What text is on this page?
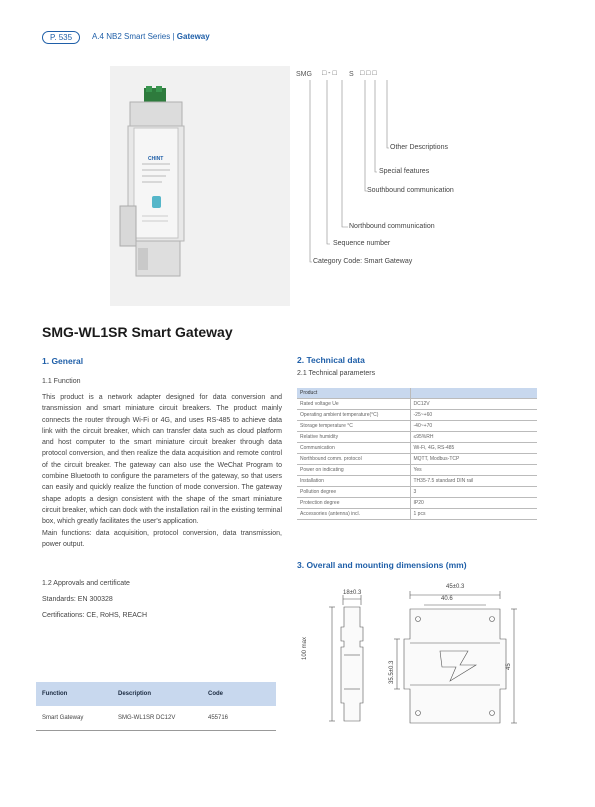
P. 535	A.4 NB2 Smart Series | Gateway
CHINT
SMG □ - □ S □ □ □
Other Descriptions
Special features
Southbound communication
Northbound communication
Sequence number
Category Code: Smart Gateway
SMG-WL1SR Smart Gateway
1. General
1.1 Function

This product is a network adapter designed for data conversion and transmission and smart miniature circuit breakers. The product mainly connects the router through Wi-Fi or 4G, and uses RS-485 to achieve data link with the circuit breaker, which can transfer data such as cloud platform and host computer to the smart miniature circuit breaker through data protocol conversion, and then realize the data acquisition and remote control of the circuit breaker. The gateway can also use the WeChat Program to combine Bluetooth to configure the parameters of the gateway, so that users can easily and quickly realize the function of mode conversion. The gateway shape adopts a design consistent with the shape of the smart miniature circuit breaker, which can dock with the installation rail in the existing terminal box, which greatly facilitates the user's application.

Main functions: data acquisition, protocol conversion, data transmission, power output.

1.2 Approvals and certificate
Standards: EN 300328
Certifications: CE, RoHS, REACH
2. Technical data
2.1 Technical parameters
Product	
Rated voltage Ue	DC12V
Operating ambient temperature(°C)	-25~+60
Storage temperature °C	-40~+70
Relative humidity	≤95%RH
Communication	Wi-Fi, 4G, RS-485
Northbound comm. protocol	MQTT, Modbus-TCP
Power on indicating	Yes
Installation	TH35-7.5 standard DIN rail
Pollution degree	3
Protection degree	IP20
Accessories (antenna) incl.	1 pcs
3. Overall and mounting dimensions (mm)
45±0.3
40.6
18±0.3
100 max
35.5±0.3	45
Function	Description	Code
Smart Gateway	SMG-WL1SR DC12V	455716
